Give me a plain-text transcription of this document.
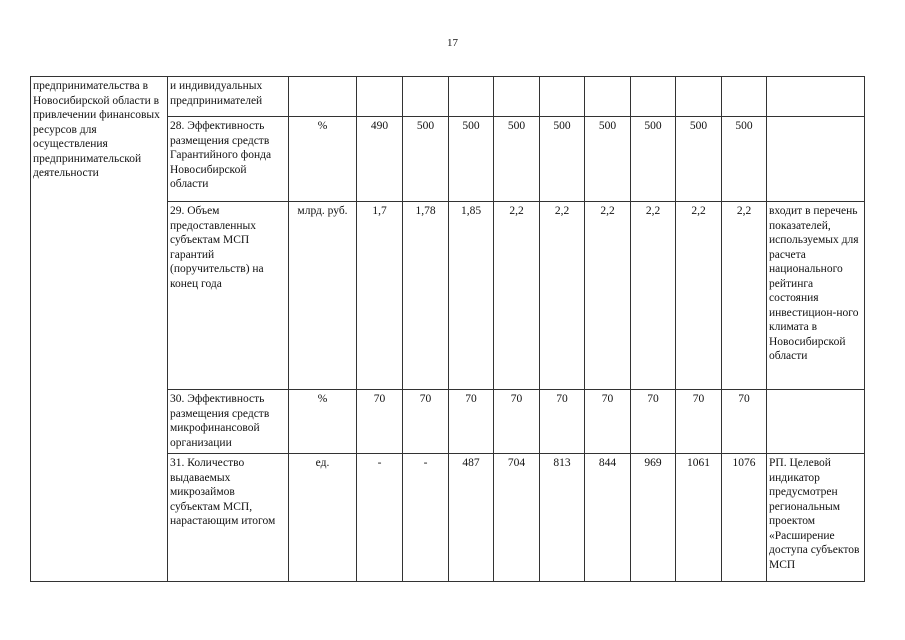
17
предпринимательства в Новосибирской области в привлечении финансовых ресурсов для осуществления предпринимательской деятельности	и индивидуальных предпринимателей											
	28. Эффективность размещения средств Гарантийного фонда Новосибирской области	%	490	500	500	500	500	500	500	500	500	
	29. Объем предоставленных субъектам МСП гарантий (поручительств) на конец года	млрд. руб.	1,7	1,78	1,85	2,2	2,2	2,2	2,2	2,2	2,2	входит в перечень показателей, используемых для расчета национального рейтинга состояния инвестицион-ного климата в Новосибирской области
	30. Эффективность размещения средств микрофинансовой организации	%	70	70	70	70	70	70	70	70	70	
	31. Количество выдаваемых микрозаймов субъектам МСП, нарастающим итогом	ед.	-	-	487	704	813	844	969	1061	1076	РП. Целевой индикатор предусмотрен региональным проектом «Расширение доступа субъектов МСП
